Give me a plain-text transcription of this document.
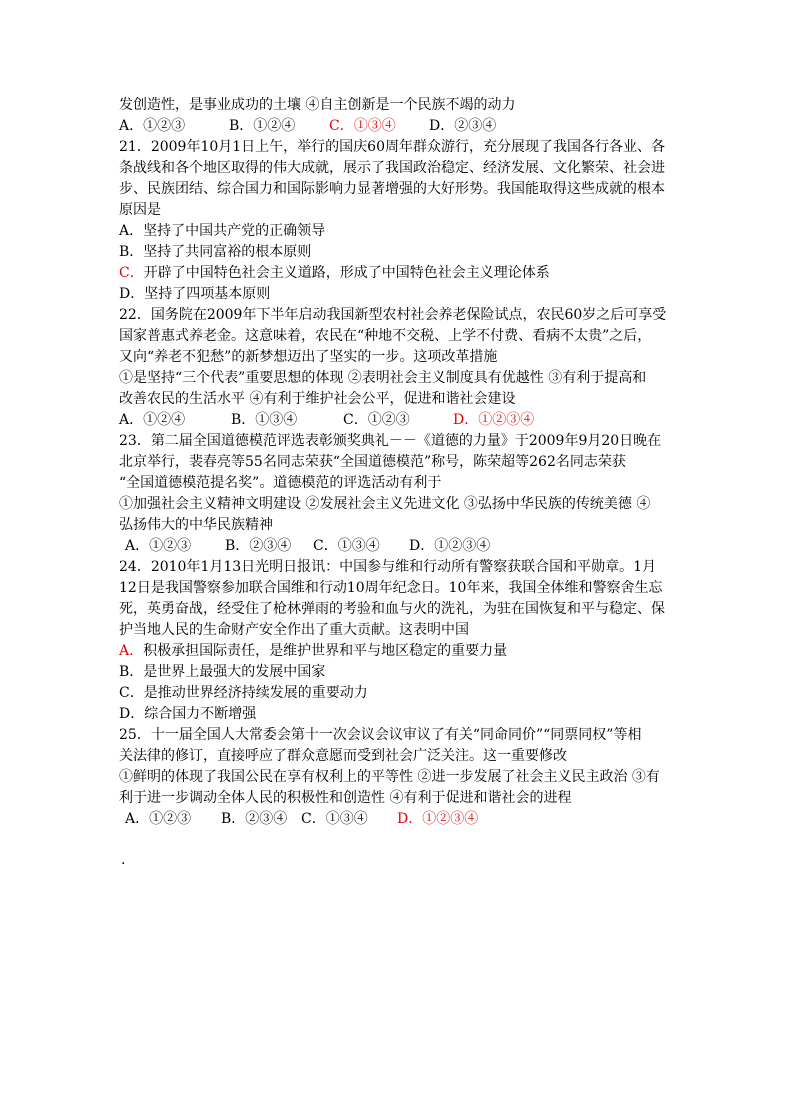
发创造性，是事业成功的土壤 ④自主创新是一个民族不竭的动力
A．①②③	B．①②④ C．①③④ D．②③④
21．2009年10月1日上午，举行的国庆60周年群众游行，充分展现了我国各行各业、各
条战线和各个地区取得的伟大成就，展示了我国政治稳定、经济发展、文化繁荣、社会进
步、民族团结、综合国力和国际影响力显著增强的大好形势。我国能取得这些成就的根本
原因是
A．坚持了中国共产党的正确领导
B．坚持了共同富裕的根本原则
C．开辟了中国特色社会主义道路，形成了中国特色社会主义理论体系
D．坚持了四项基本原则
22．国务院在2009年下半年启动我国新型农村社会养老保险试点，农民60岁之后可享受
国家普惠式养老金。这意味着，农民在“种地不交税、上学不付费、看病不太贵”之后，
又向“养老不犯愁”的新梦想迈出了坚实的一步。这项改革措施
①是坚持“三个代表”重要思想的体现 ②表明社会主义制度具有优越性 ③有利于提高和
改善农民的生活水平 ④有利于维护社会公平，促进和谐社会建设
A．①②④	B．①③④	C．①②③	D．①②③④
23．第二届全国道德模范评选表彰颁奖典礼－－《道德的力量》于2009年9月20日晚在
北京举行，裴春亮等55名同志荣获“全国道德模范”称号，陈荣超等262名同志荣获
“全国道德模范提名奖”。道德模范的评选活动有利于
①加强社会主义精神文明建设 ②发展社会主义先进文化 ③弘扬中华民族的传统美德 ④
弘扬伟大的中华民族精神
A．①②③ B．②③④ C．①③④ D．①②③④
24．2010年1月13日光明日报讯：中国参与维和行动所有警察获联合国和平勋章。1月
12日是我国警察参加联合国维和行动10周年纪念日。10年来，我国全体维和警察舍生忘
死，英勇奋战，经受住了枪林弹雨的考验和血与火的洗礼，为驻在国恢复和平与稳定、保
护当地人民的生命财产安全作出了重大贡献。这表明中国
A．积极承担国际责任，是维护世界和平与地区稳定的重要力量
B．是世界上最强大的发展中国家
C．是推动世界经济持续发展的重要动力
D．综合国力不断增强
25．十一届全国人大常委会第十一次会议会议审议了有关“同命同价”“同票同权”等相
关法律的修订，直接呼应了群众意愿而受到社会广泛关注。这一重要修改
①鲜明的体现了我国公民在享有权利上的平等性 ②进一步发展了社会主义民主政治 ③有
利于进一步调动全体人民的积极性和创造性 ④有利于促进和谐社会的进程
A．①②③ B．②③④ C．①③④ D．①②③④
.
